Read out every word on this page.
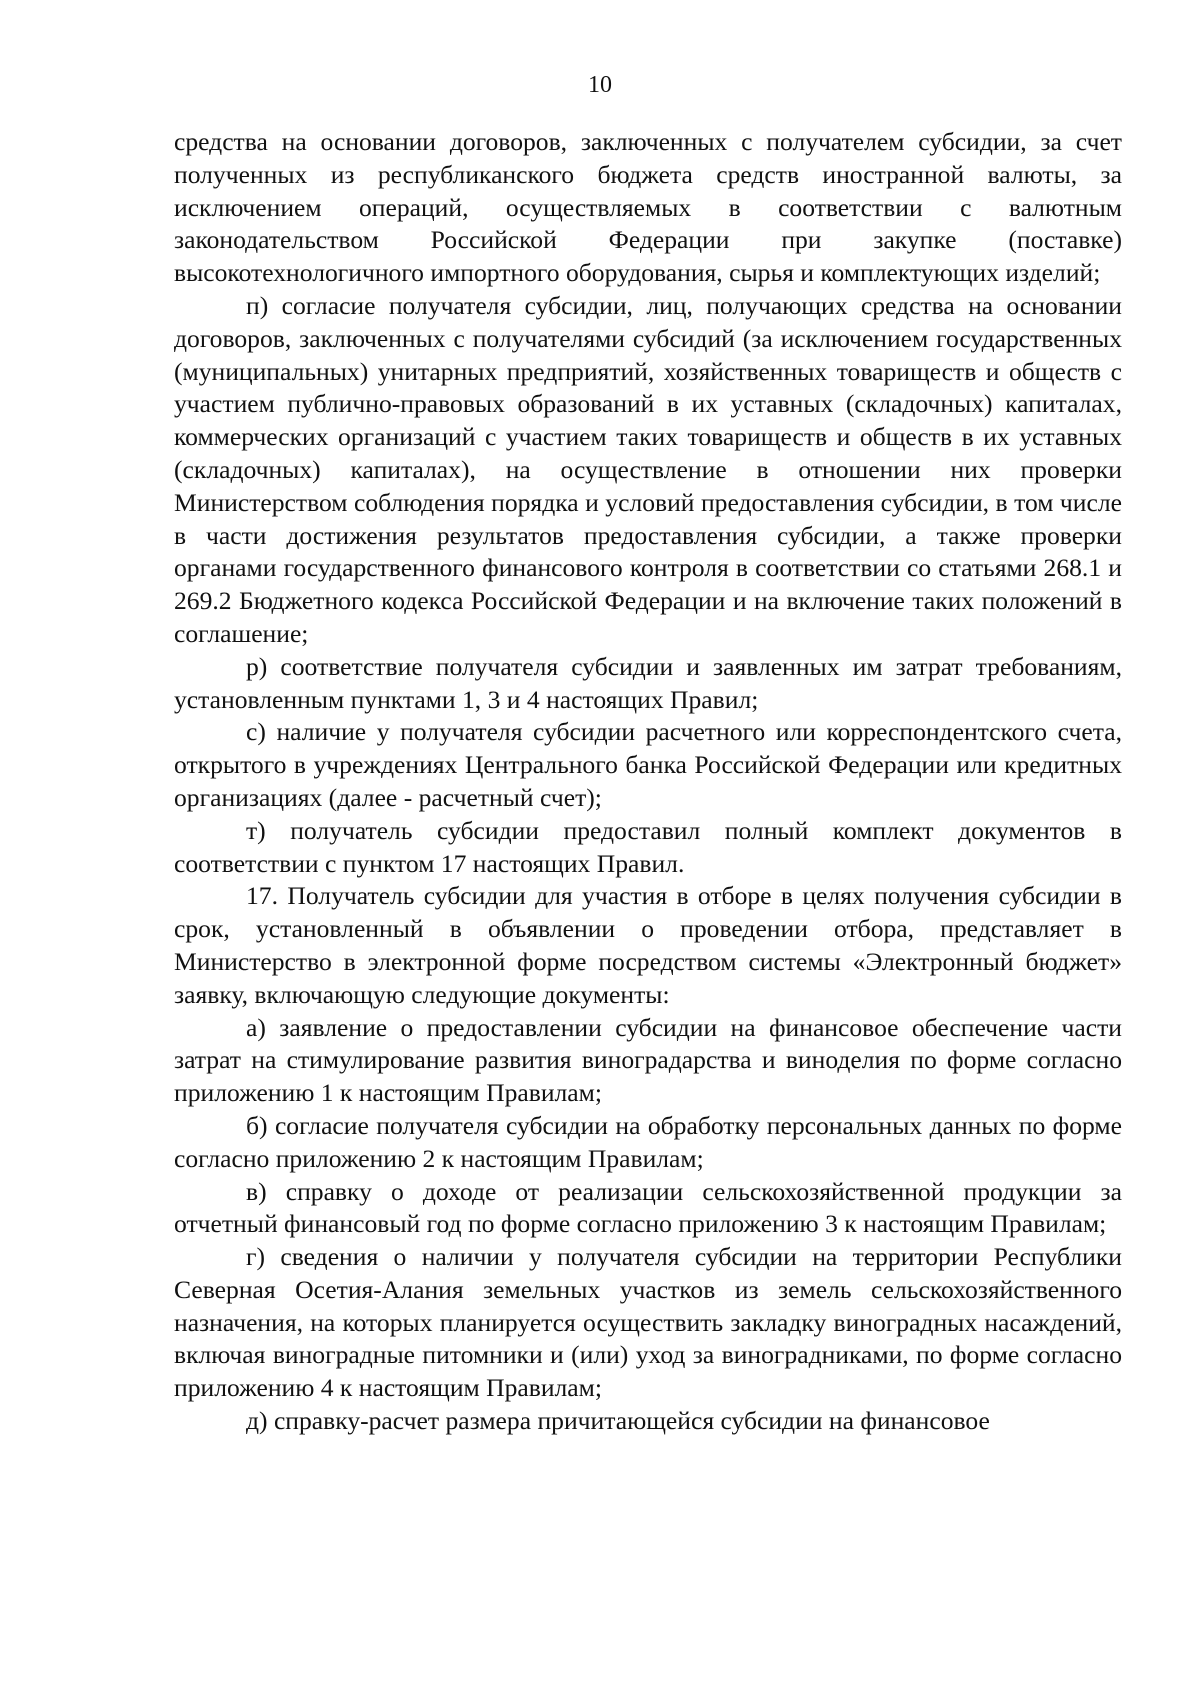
10

средства на основании договоров, заключенных с получателем субсидии, за счет полученных из республиканского бюджета средств иностранной валюты, за исключением операций, осуществляемых в соответствии с валютным законодательством Российской Федерации при закупке (поставке) высокотехнологичного импортного оборудования, сырья и комплектующих изделий;

п) согласие получателя субсидии, лиц, получающих средства на основании договоров, заключенных с получателями субсидий (за исключением государственных (муниципальных) унитарных предприятий, хозяйственных товариществ и обществ с участием публично-правовых образований в их уставных (складочных) капиталах, коммерческих организаций с участием таких товариществ и обществ в их уставных (складочных) капиталах), на осуществление в отношении них проверки Министерством соблюдения порядка и условий предоставления субсидии, в том числе в части достижения результатов предоставления субсидии, а также проверки органами государственного финансового контроля в соответствии со статьями 268.1 и 269.2 Бюджетного кодекса Российской Федерации и на включение таких положений в соглашение;

р) соответствие получателя субсидии и заявленных им затрат требованиям, установленным пунктами 1, 3 и 4 настоящих Правил;

с) наличие у получателя субсидии расчетного или корреспондентского счета, открытого в учреждениях Центрального банка Российской Федерации или кредитных организациях (далее - расчетный счет);

т) получатель субсидии предоставил полный комплект документов в соответствии с пунктом 17 настоящих Правил.

17. Получатель субсидии для участия в отборе в целях получения субсидии в срок, установленный в объявлении о проведении отбора, представляет в Министерство в электронной форме посредством системы «Электронный бюджет» заявку, включающую следующие документы:

а) заявление о предоставлении субсидии на финансовое обеспечение части затрат на стимулирование развития виноградарства и виноделия по форме согласно приложению 1 к настоящим Правилам;

б) согласие получателя субсидии на обработку персональных данных по форме согласно приложению 2 к настоящим Правилам;

в) справку о доходе от реализации сельскохозяйственной продукции за отчетный финансовый год по форме согласно приложению 3 к настоящим Правилам;

г) сведения о наличии у получателя субсидии на территории Республики Северная Осетия-Алания земельных участков из земель сельскохозяйственного назначения, на которых планируется осуществить закладку виноградных насаждений, включая виноградные питомники и (или) уход за виноградниками, по форме согласно приложению 4 к настоящим Правилам;

д) справку-расчет размера причитающейся субсидии на финансовое
